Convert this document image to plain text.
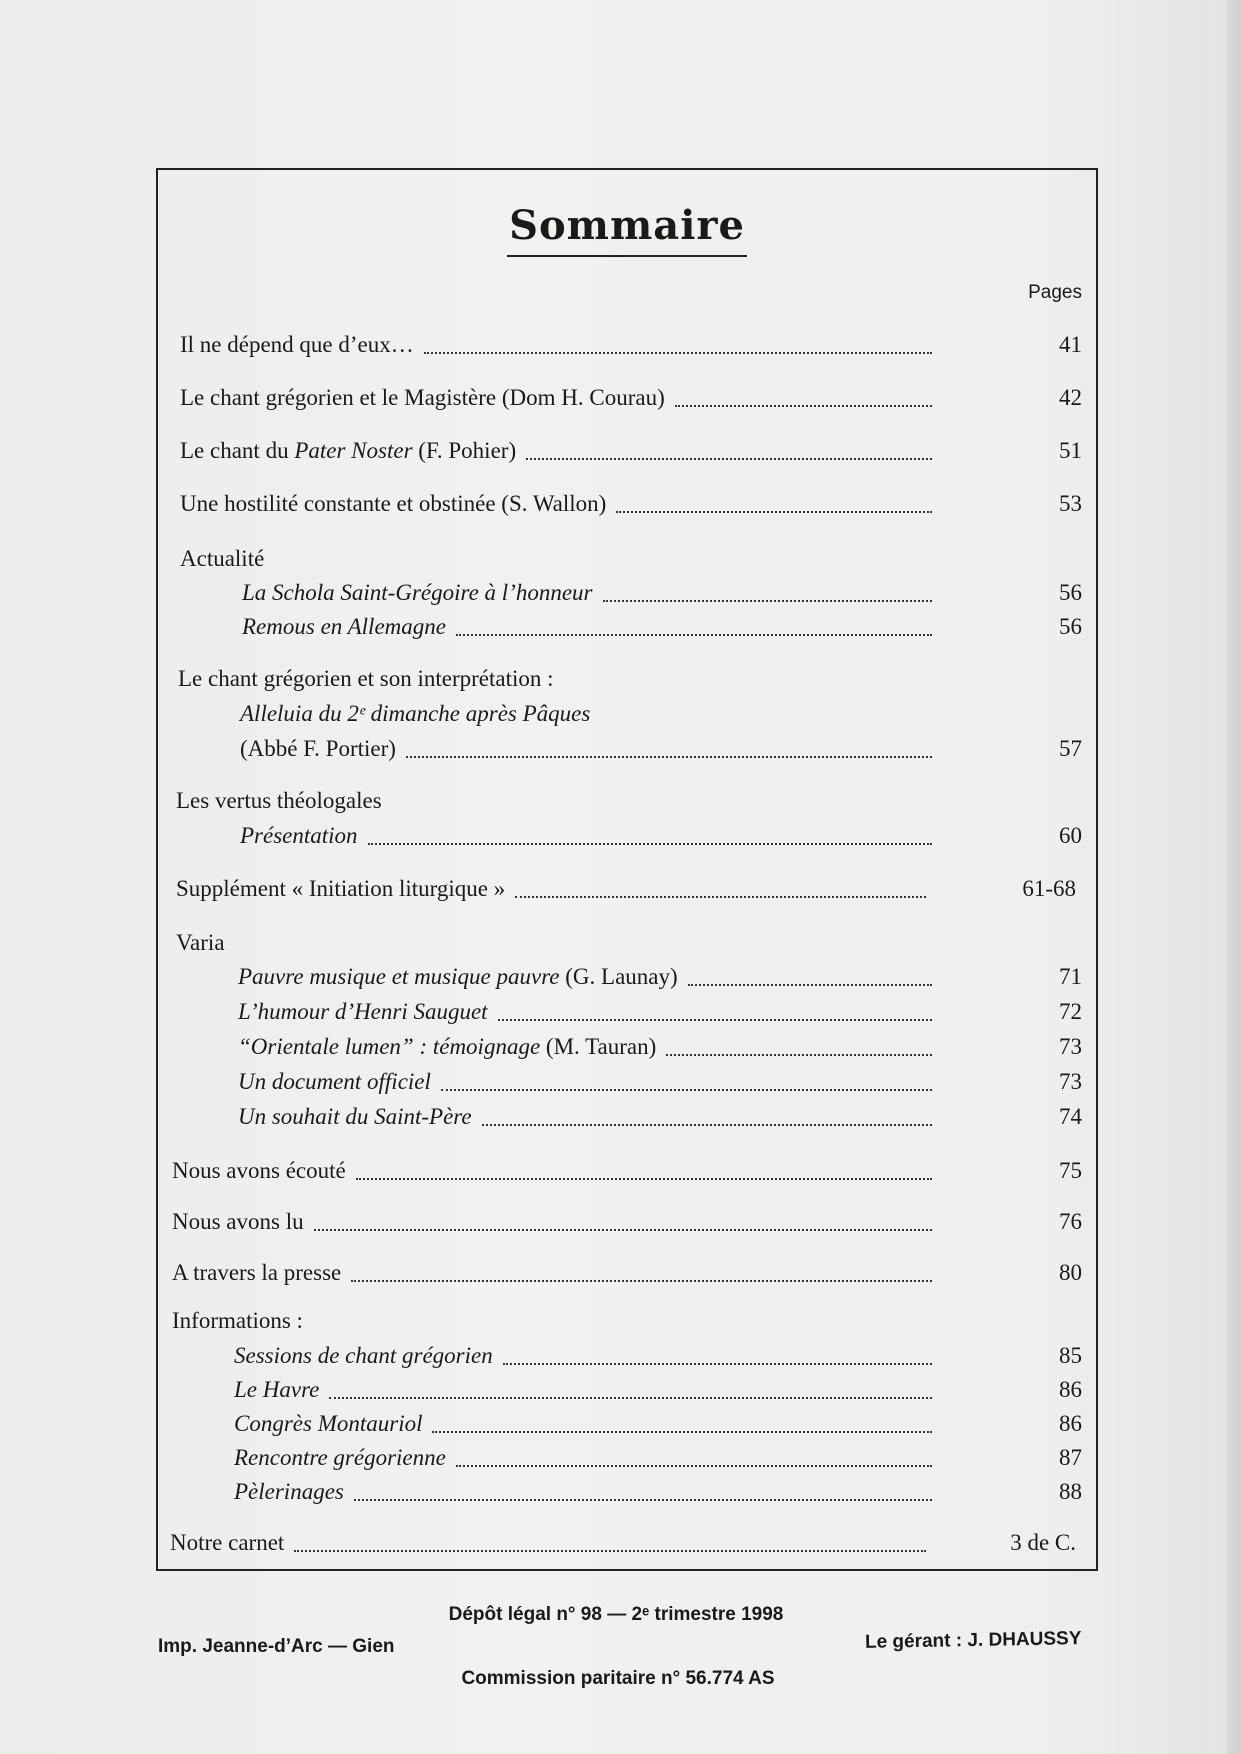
Sommaire
Pages
Il ne dépend que d’eux…	41
Le chant grégorien et le Magistère (Dom H. Courau)	42
Le chant du Pater Noster (F. Pohier)	51
Une hostilité constante et obstinée (S. Wallon)	53
Actualité
La Schola Saint-Grégoire à l’honneur	56
Remous en Allemagne	56
Le chant grégorien et son interprétation :
Alleluia du 2ᵉ dimanche après Pâques
(Abbé F. Portier)	57
Les vertus théologales
Présentation	60
Supplément « Initiation liturgique »	61-68
Varia
Pauvre musique et musique pauvre (G. Launay)	71
L’humour d’Henri Sauguet	72
“Orientale lumen” : témoignage (M. Tauran)	73
Un document officiel	73
Un souhait du Saint-Père	74
Nous avons écouté	75
Nous avons lu	76
A travers la presse	80
Informations :
Sessions de chant grégorien	85
Le Havre	86
Congrès Montauriol	86
Rencontre grégorienne	87
Pèlerinages	88
Notre carnet	3 de C.
Dépôt légal n° 98 — 2ᵉ trimestre 1998
Imp. Jeanne-d’Arc — Gien	Le gérant : J. DHAUSSY
Commission paritaire n° 56.774 AS
